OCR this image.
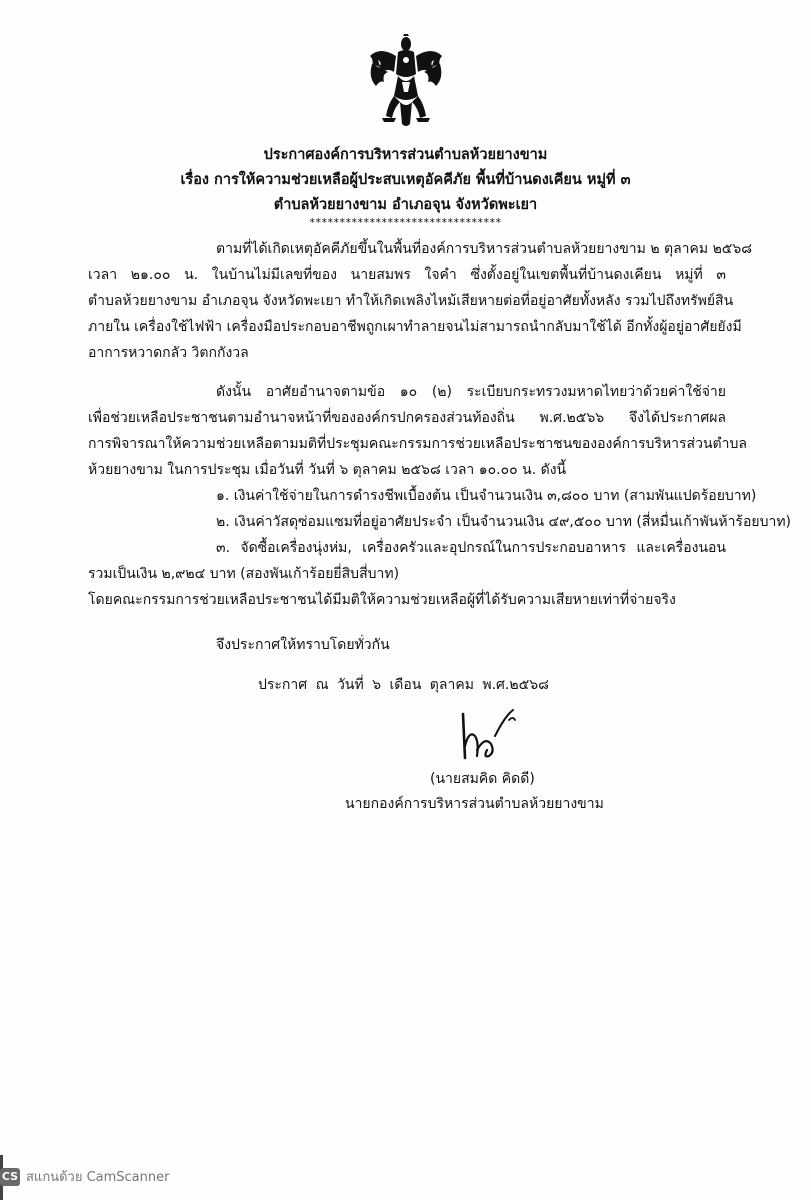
ประกาศองค์การบริหารส่วนตำบลห้วยยางขาม
เรื่อง การให้ความช่วยเหลือผู้ประสบเหตุอัคคีภัย พื้นที่บ้านดงเคียน หมู่ที่ ๓
ตำบลห้วยยางขาม อำเภอจุน จังหวัดพะเยา
********************************
ตามที่ได้เกิดเหตุอัคคีภัยขึ้นในพื้นที่องค์การบริหารส่วนตำบลห้วยยางขาม ๒ ตุลาคม ๒๕๖๘
เวลา ๒๑.๐๐ น. ในบ้านไม่มีเลขที่ของ นายสมพร ใจคำ ซึ่งตั้งอยู่ในเขตพื้นที่บ้านดงเคียน หมู่ที่ ๓
ตำบลห้วยยางขาม อำเภอจุน จังหวัดพะเยา ทำให้เกิดเพลิงไหม้เสียหายต่อที่อยู่อาศัยทั้งหลัง รวมไปถึงทรัพย์สิน
ภายใน เครื่องใช้ไฟฟ้า เครื่องมือประกอบอาชีพถูกเผาทำลายจนไม่สามารถนำกลับมาใช้ได้ อีกทั้งผู้อยู่อาศัยยังมี
อาการหวาดกลัว วิตกกังวล
ดังนั้น อาศัยอำนาจตามข้อ ๑๐ (๒) ระเบียบกระทรวงมหาดไทยว่าด้วยค่าใช้จ่าย
เพื่อช่วยเหลือประชาชนตามอำนาจหน้าที่ขององค์กรปกครองส่วนท้องถิ่น พ.ศ.๒๕๖๖ จึงได้ประกาศผล
การพิจารณาให้ความช่วยเหลือตามมติที่ประชุมคณะกรรมการช่วยเหลือประชาชนขององค์การบริหารส่วนตำบล
ห้วยยางขาม ในการประชุม เมื่อวันที่ วันที่ ๖ ตุลาคม ๒๕๖๘ เวลา ๑๐.๐๐ น. ดังนี้
๑. เงินค่าใช้จ่ายในการดำรงชีพเบื้องต้น เป็นจำนวนเงิน ๓,๘๐๐ บาท (สามพันแปดร้อยบาท)
๒. เงินค่าวัสดุซ่อมแซมที่อยู่อาศัยประจำ เป็นจำนวนเงิน ๔๙,๕๐๐ บาท (สี่หมื่นเก้าพันห้าร้อยบาท)
๓. จัดซื้อเครื่องนุ่งห่ม, เครื่องครัวและอุปกรณ์ในการประกอบอาหาร และเครื่องนอน
รวมเป็นเงิน ๒,๙๒๔ บาท (สองพันเก้าร้อยยี่สิบสี่บาท)
โดยคณะกรรมการช่วยเหลือประชาชนได้มีมติให้ความช่วยเหลือผู้ที่ได้รับความเสียหายเท่าที่จ่ายจริง
จึงประกาศให้ทราบโดยทั่วกัน
ประกาศ ณ วันที่ ๖ เดือน ตุลาคม พ.ศ.๒๕๖๘
(นายสมคิด คิดดี)
นายกองค์การบริหารส่วนตำบลห้วยยางขาม
CS สแกนด้วย CamScanner
